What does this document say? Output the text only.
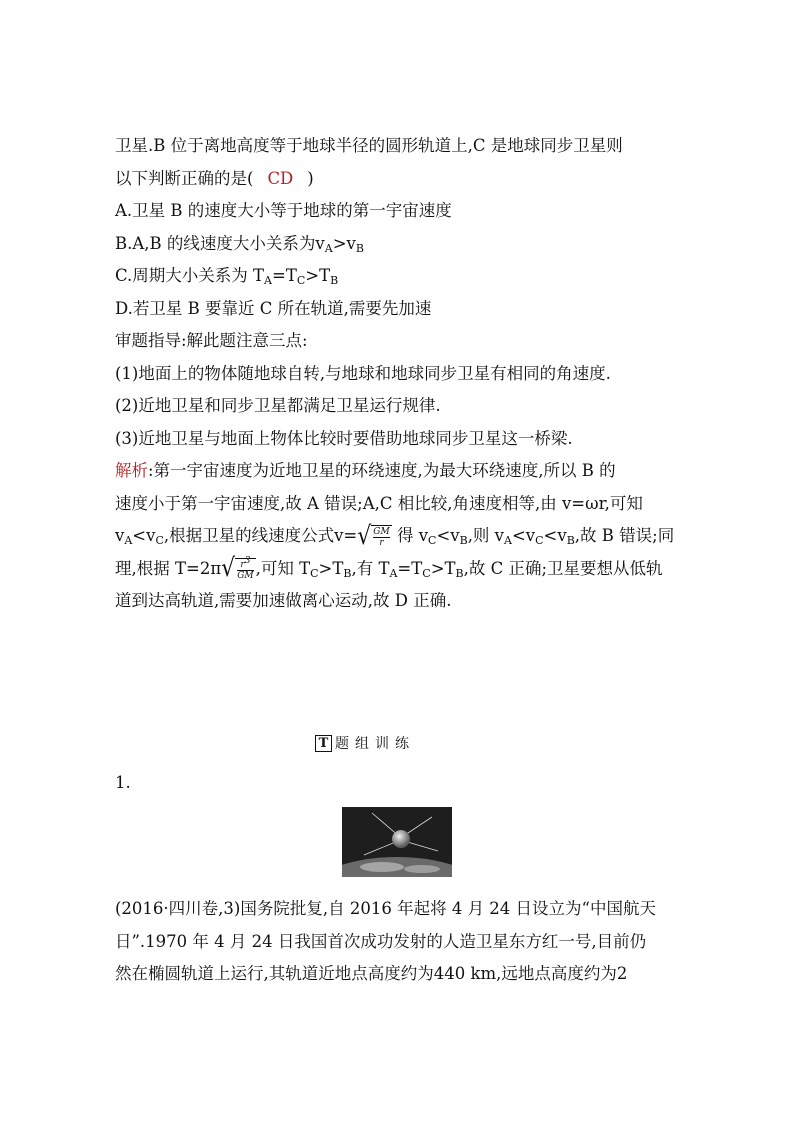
卫星.B 位于离地高度等于地球半径的圆形轨道上,C 是地球同步卫星则
以下判断正确的是( CD )
A.卫星 B 的速度大小等于地球的第一宇宙速度
B.A,B 的线速度大小关系为$v_A>v_B$
C.周期大小关系为 $T_A=T_C>T_B$
D.若卫星 B 要靠近 C 所在轨道,需要先加速
审题指导:解此题注意三点:
(1)地面上的物体随地球自转,与地球和地球同步卫星有相同的角速度.
(2)近地卫星和同步卫星都满足卫星运行规律.
(3)近地卫星与地面上物体比较时要借助地球同步卫星这一桥梁.
解析:第一宇宙速度为近地卫星的环绕速度,为最大环绕速度,所以 B 的
速度小于第一宇宙速度,故 A 错误;A,C 相比较,角速度相等,由 v=ωr,可知
$v_A<v_C$,根据卫星的线速度公式v= √ GM
r 得 $v_C<v_B$,则 $v_A<v_C<v_B$,故 B 错误;同
理,根据 T=2π √ $r^3$
GM ,可知 $T_C>T_B$,有 $T_A=T_C>T_B$,故 C 正确;卫星要想从低轨
道到达高轨道,需要加速做离心运动,故 D 正确.
T 题组训练
1.
(2016·四川卷,3)国务院批复,自 2016 年起将 4 月 24 日设立为“中国航天
日”.1970 年 4 月 24 日我国首次成功发射的人造卫星东方红一号,目前仍
然在椭圆轨道上运行,其轨道近地点高度约为440 km,远地点高度约为2
